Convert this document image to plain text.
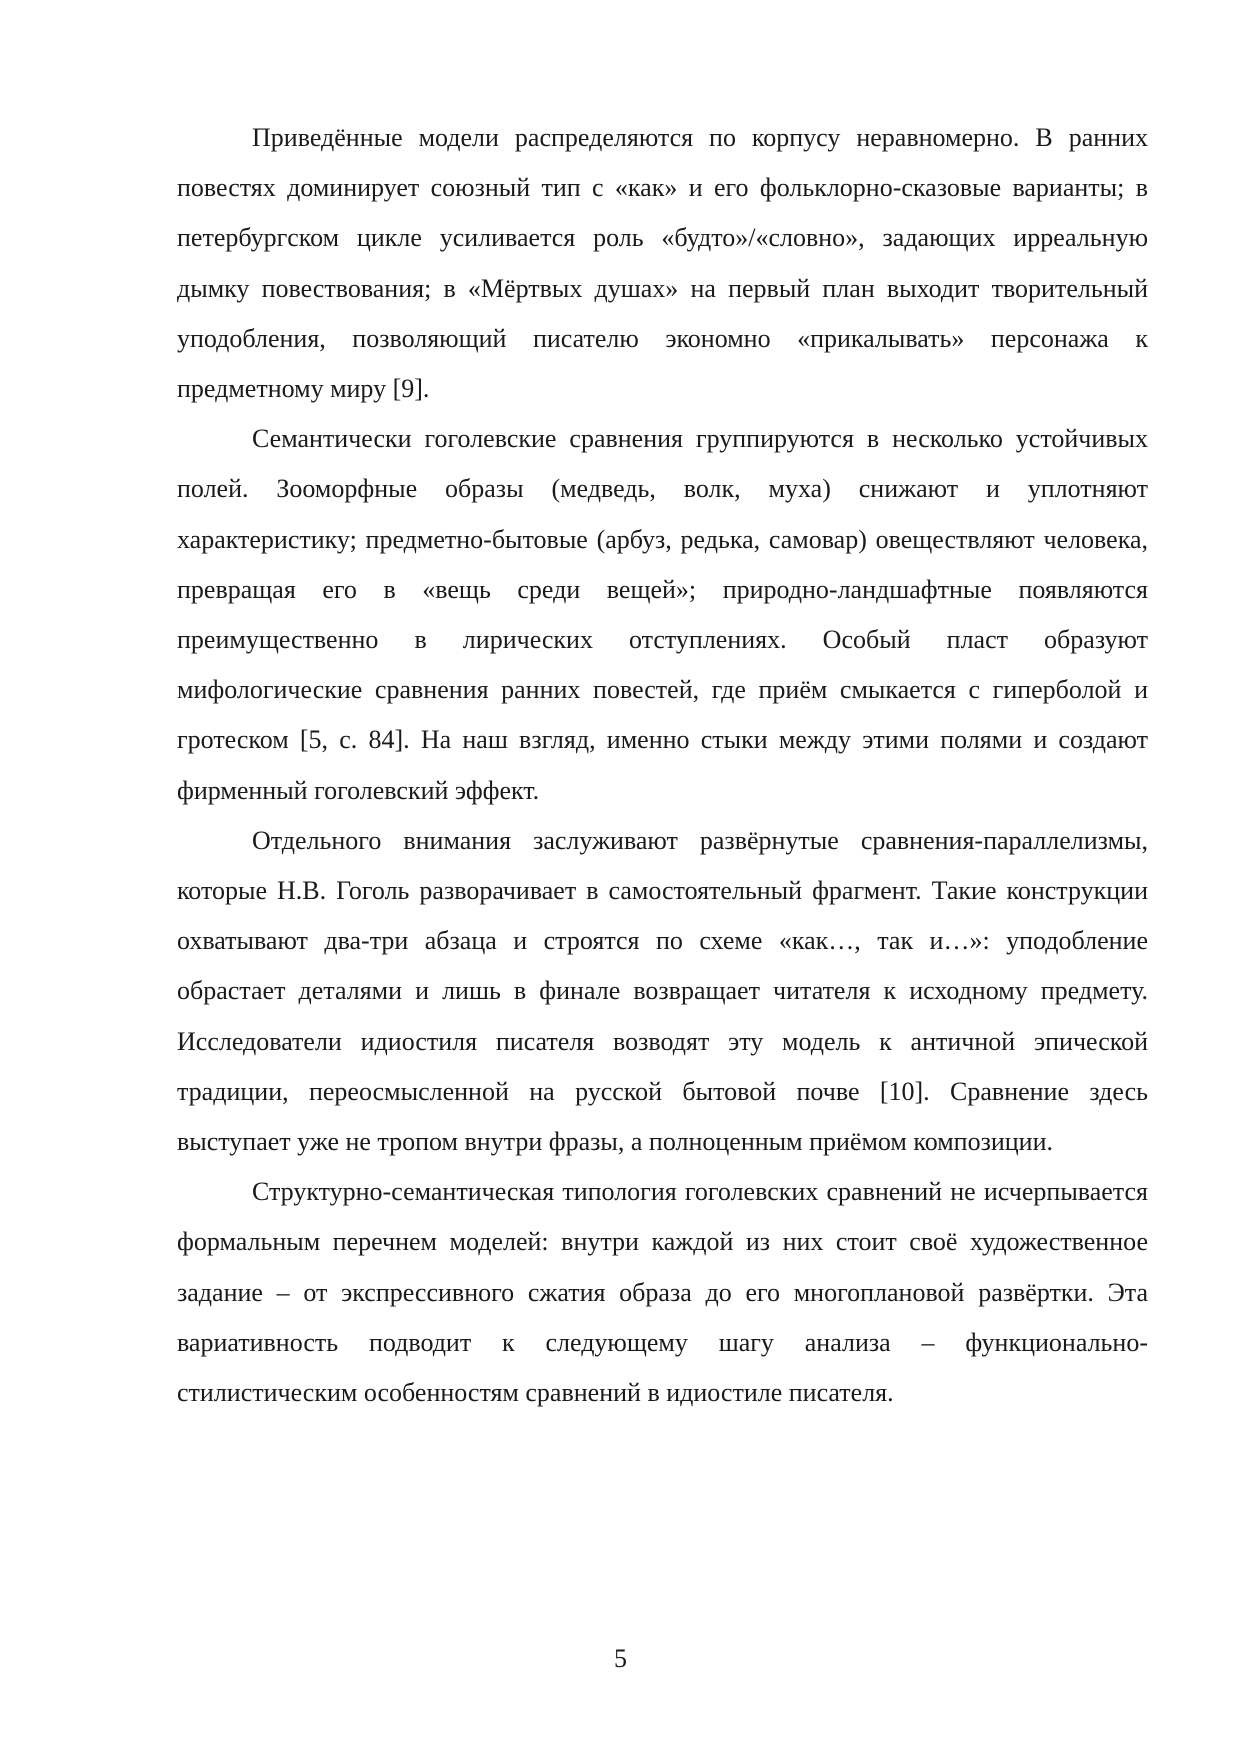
Приведённые модели распределяются по корпусу неравномерно. В ранних повестях доминирует союзный тип с «как» и его фольклорно-сказовые варианты; в петербургском цикле усиливается роль «будто»/«словно», задающих ирреальную дымку повествования; в «Мёртвых душах» на первый план выходит творительный уподобления, позволяющий писателю экономно «прикалывать» персонажа к предметному миру [9].

Семантически гоголевские сравнения группируются в несколько устойчивых полей. Зооморфные образы (медведь, волк, муха) снижают и уплотняют характеристику; предметно-бытовые (арбуз, редька, самовар) овеществляют человека, превращая его в «вещь среди вещей»; природно-ландшафтные появляются преимущественно в лирических отступлениях. Особый пласт образуют мифологические сравнения ранних повестей, где приём смыкается с гиперболой и гротеском [5, с. 84]. На наш взгляд, именно стыки между этими полями и создают фирменный гоголевский эффект.

Отдельного внимания заслуживают развёрнутые сравнения-параллелизмы, которые Н.В. Гоголь разворачивает в самостоятельный фрагмент. Такие конструкции охватывают два-три абзаца и строятся по схеме «как…, так и…»: уподобление обрастает деталями и лишь в финале возвращает читателя к исходному предмету. Исследователи идиостиля писателя возводят эту модель к античной эпической традиции, переосмысленной на русской бытовой почве [10]. Сравнение здесь выступает уже не тропом внутри фразы, а полноценным приёмом композиции.

Структурно-семантическая типология гоголевских сравнений не исчерпывается формальным перечнем моделей: внутри каждой из них стоит своё художественное задание – от экспрессивного сжатия образа до его многоплановой развёртки. Эта вариативность подводит к следующему шагу анализа – функционально-стилистическим особенностям сравнений в идиостиле писателя.

5
